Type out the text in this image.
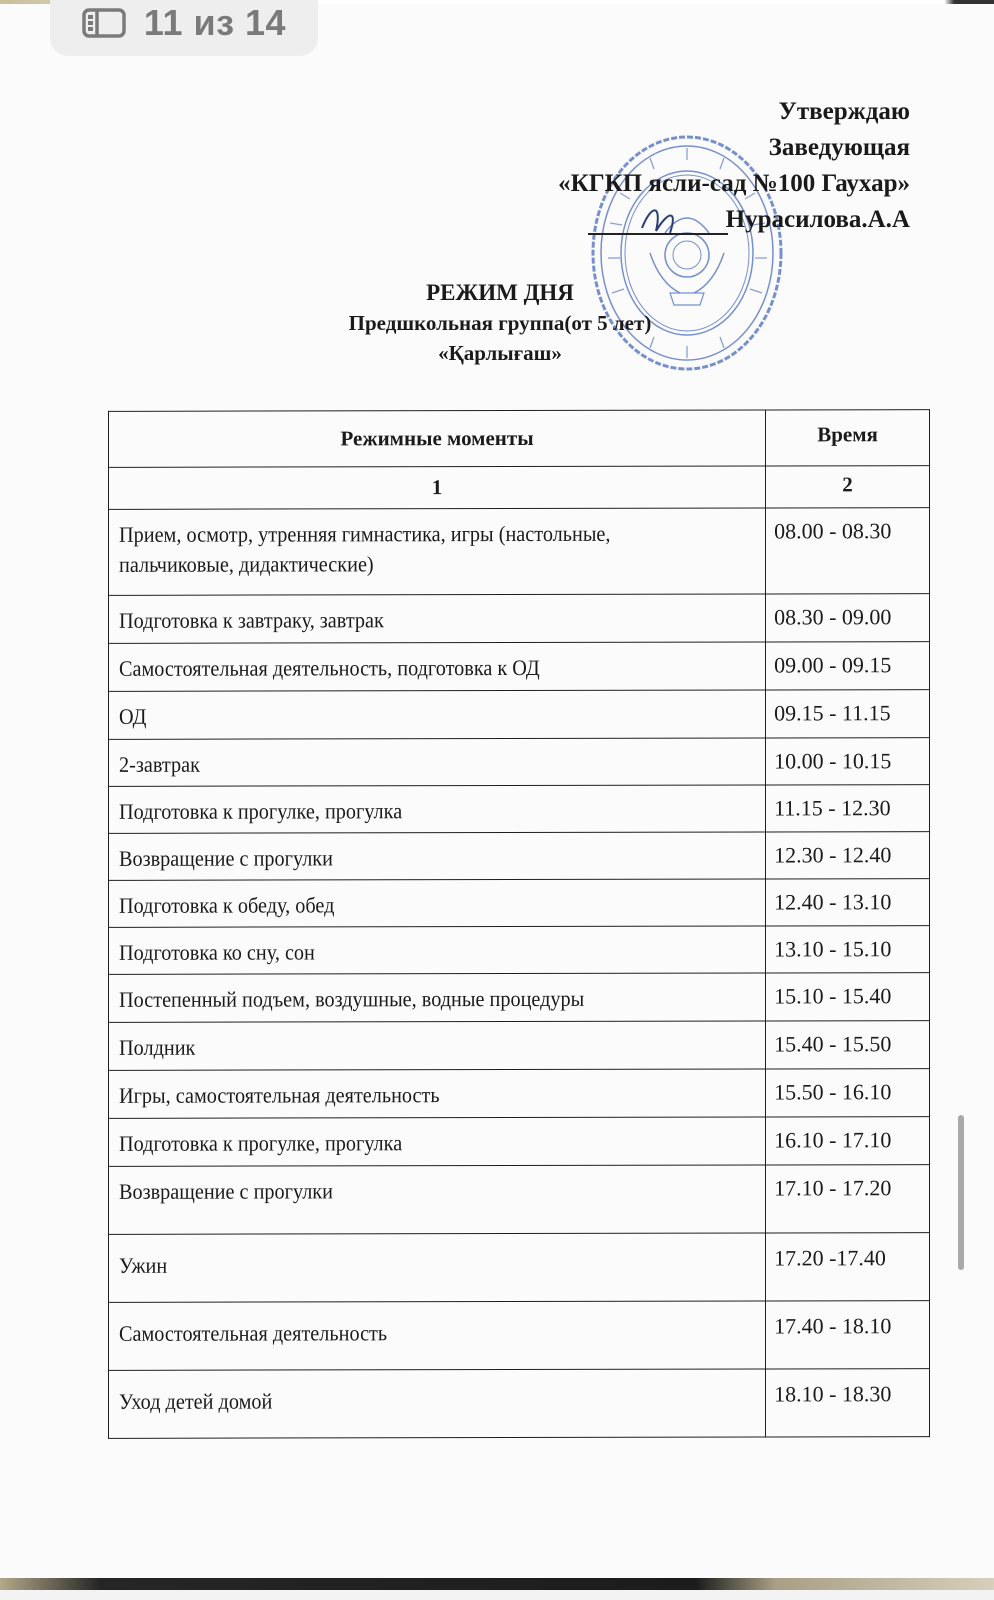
11 из 14
Утверждаю
Заведующая
«КГКП ясли-сад №100 Гаухар»
Нурасилова.А.А
РЕЖИМ ДНЯ
Предшкольная группа(от 5 лет)
«Қарлығаш»
Режимные моменты	Время
1	2
Прием, осмотр, утренняя гимнастика, игры (настольные, пальчиковые, дидактические)	08.00 - 08.30
Подготовка к завтраку, завтрак	08.30 - 09.00
Самостоятельная деятельность, подготовка к ОД	09.00 - 09.15
ОД	09.15 - 11.15
2-завтрак	10.00 - 10.15
Подготовка к прогулке, прогулка	11.15 - 12.30
Возвращение с прогулки	12.30 - 12.40
Подготовка к обеду, обед	12.40 - 13.10
Подготовка ко сну, сон	13.10 - 15.10
Постепенный подъем, воздушные, водные процедуры	15.10 - 15.40
Полдник	15.40 - 15.50
Игры, самостоятельная деятельность	15.50 - 16.10
Подготовка к прогулке, прогулка	16.10 - 17.10
Возвращение с прогулки	17.10 - 17.20
Ужин	17.20 -17.40
Самостоятельная деятельность	17.40 - 18.10
Уход детей домой	18.10 - 18.30
